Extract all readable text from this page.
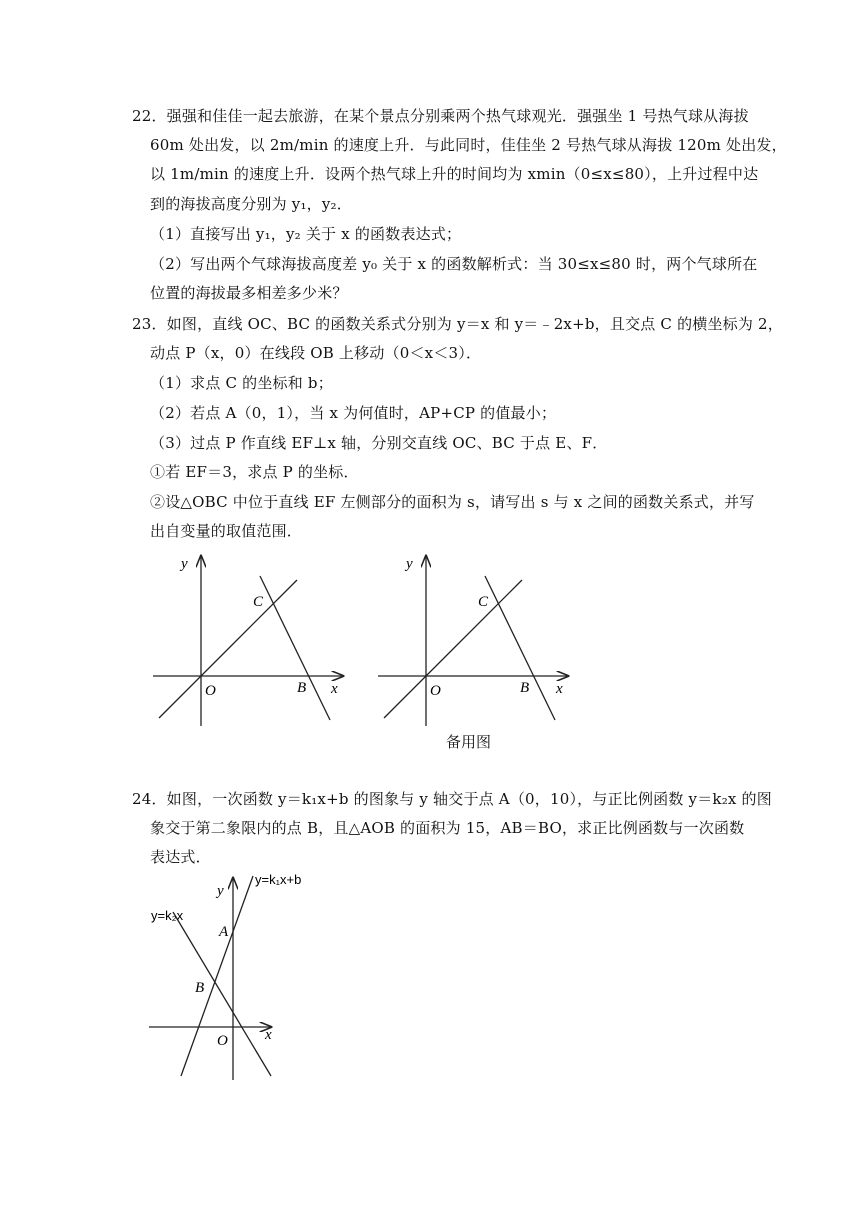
22．强强和佳佳一起去旅游，在某个景点分别乘两个热气球观光．强强坐 1 号热气球从海拔
60m 处出发，以 2m/min 的速度上升．与此同时，佳佳坐 2 号热气球从海拔 120m 处出发，
以 1m/min 的速度上升．设两个热气球上升的时间均为 xmin（0≤x≤80），上升过程中达
到的海拔高度分别为 y₁，y₂．
（1）直接写出 y₁，y₂ 关于 x 的函数表达式；
（2）写出两个气球海拔高度差 y₀ 关于 x 的函数解析式：当 30≤x≤80 时，两个气球所在
位置的海拔最多相差多少米？
23．如图，直线 OC、BC 的函数关系式分别为 y＝x 和 y＝﹣2x+b，且交点 C 的横坐标为 2，
动点 P（x，0）在线段 OB 上移动（0＜x＜3）．
（1）求点 C 的坐标和 b；
（2）若点 A（0，1），当 x 为何值时，AP+CP 的值最小；
（3）过点 P 作直线 EF⊥x 轴，分别交直线 OC、BC 于点 E、F．
①若 EF＝3，求点 P 的坐标．
②设△OBC 中位于直线 EF 左侧部分的面积为 s，请写出 s 与 x 之间的函数关系式，并写
出自变量的取值范围．
y
C
O	B x
y
C
O	B x
备用图
24．如图，一次函数 y＝k₁x+b 的图象与 y 轴交于点 A（0，10），与正比例函数 y＝k₂x 的图
象交于第二象限内的点 B，且△AOB 的面积为 15，AB＝BO，求正比例函数与一次函数
表达式．
y=k₁x+b
y=k₂x
y
A
B
O x
